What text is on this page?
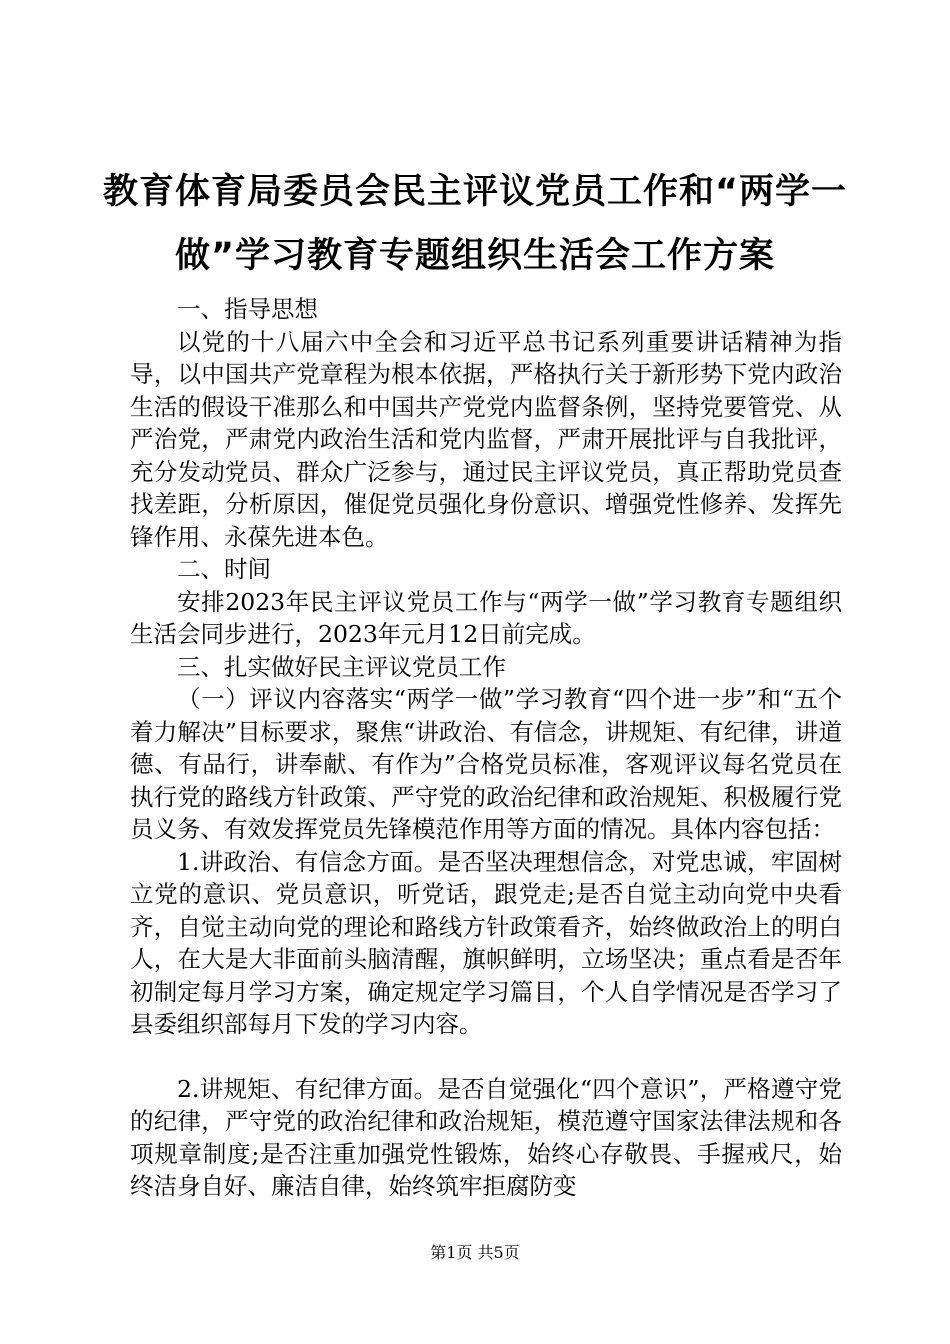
教育体育局委员会民主评议党员工作和“两学一做”学习教育专题组织生活会工作方案

一、指导思想

以党的十八届六中全会和习近平总书记系列重要讲话精神为指导，以中国共产党章程为根本依据，严格执行关于新形势下党内政治生活的假设干准那么和中国共产党党内监督条例，坚持党要管党、从严治党，严肃党内政治生活和党内监督，严肃开展批评与自我批评，充分发动党员、群众广泛参与，通过民主评议党员，真正帮助党员查找差距，分析原因，催促党员强化身份意识、增强党性修养、发挥先锋作用、永葆先进本色。

二、时间

安排2023年民主评议党员工作与“两学一做”学习教育专题组织生活会同步进行，2023年元月12日前完成。

三、扎实做好民主评议党员工作

（一）评议内容落实“两学一做”学习教育“四个进一步”和“五个着力解决”目标要求，聚焦“讲政治、有信念，讲规矩、有纪律，讲道德、有品行，讲奉献、有作为”合格党员标准，客观评议每名党员在执行党的路线方针政策、严守党的政治纪律和政治规矩、积极履行党员义务、有效发挥党员先锋模范作用等方面的情况。具体内容包括：

1.讲政治、有信念方面。是否坚决理想信念，对党忠诚，牢固树立党的意识、党员意识，听党话，跟党走;是否自觉主动向党中央看齐，自觉主动向党的理论和路线方针政策看齐，始终做政治上的明白人，在大是大非面前头脑清醒，旗帜鲜明，立场坚决；重点看是否年初制定每月学习方案，确定规定学习篇目，个人自学情况是否学习了县委组织部每月下发的学习内容。

2.讲规矩、有纪律方面。是否自觉强化“四个意识”，严格遵守党的纪律，严守党的政治纪律和政治规矩，模范遵守国家法律法规和各项规章制度;是否注重加强党性锻炼，始终心存敬畏、手握戒尺，始终洁身自好、廉洁自律，始终筑牢拒腐防变

第1页 共5页
